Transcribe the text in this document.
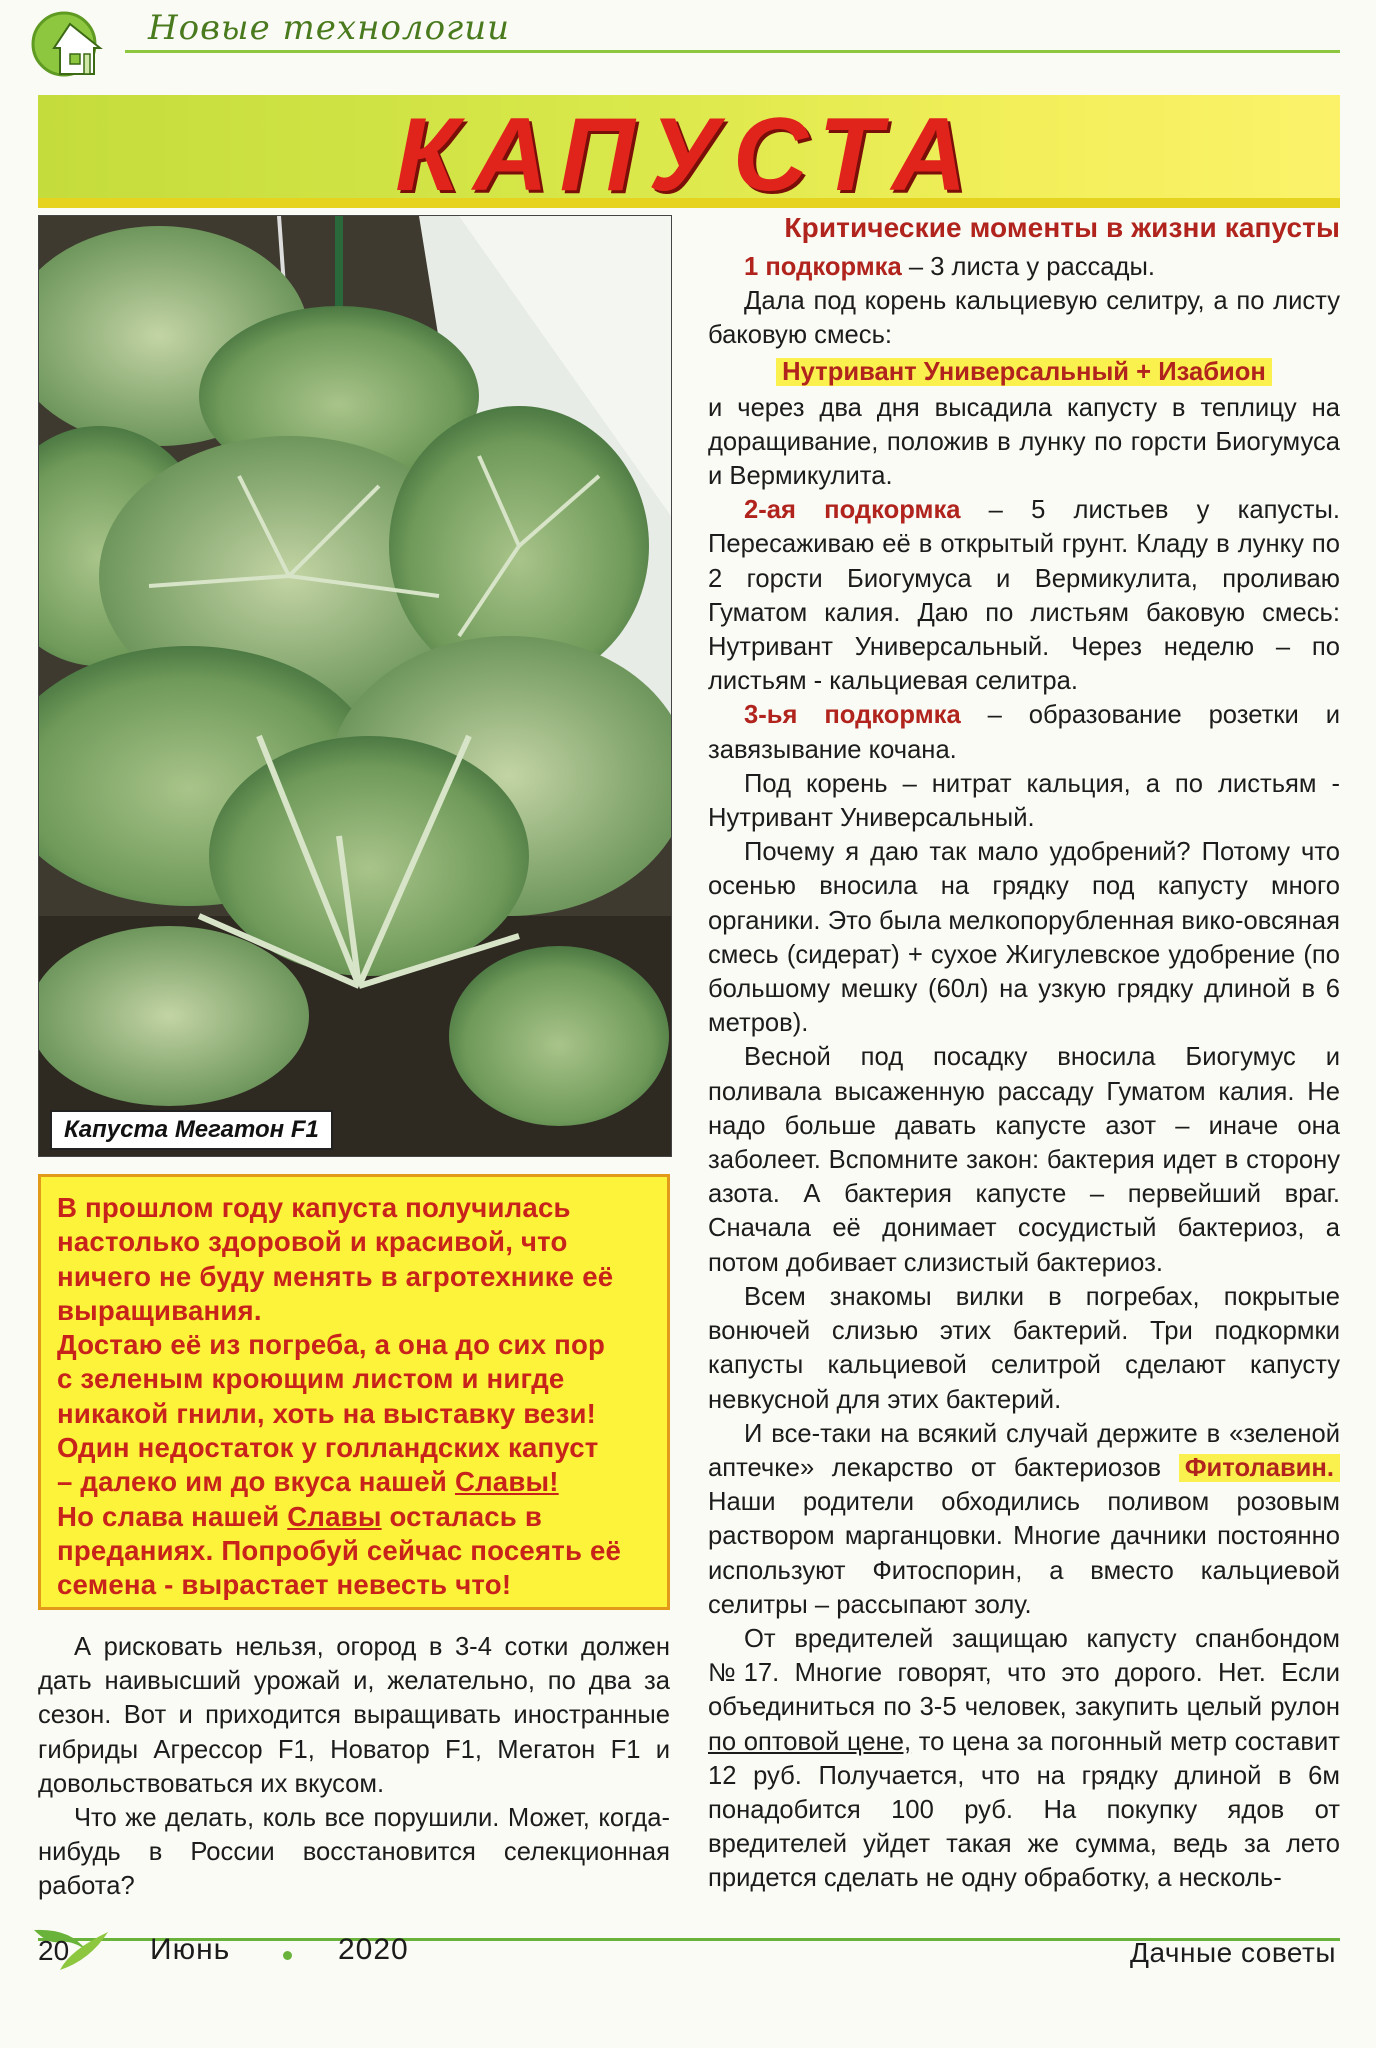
Новые технологии
КАПУСТА
Капуста Мегатон F1

В прошлом году капуста получилась

настолько здоровой и красивой, что

ничего не буду менять в агротехнике её

выращивания.

Достаю её из погреба, а она до сих пор

с зеленым кроющим листом и нигде

никакой гнили, хоть на выставку вези!

Один недостаток у голландских капуст

– далеко им до вкуса нашей Славы!

Но слава нашей Славы осталась в

преданиях. Попробуй сейчас посеять её

семена - вырастает невесть что!

А рисковать нельзя, огород в 3-4 сотки должен дать наивысший урожай и, желательно, по два за сезон. Вот и приходится выращивать иностранные гибриды Агрессор F1, Новатор F1, Мегатон F1 и довольствоваться их вкусом.

Что же делать, коль все порушили. Может, когда-нибудь в России восстановится селекционная работа?

Критические моменты в жизни капусты

1 подкормка – 3 листа у рассады.

Дала под корень кальциевую селитру, а по листу баковую смесь:

Нутривант Универсальный + Изабион

и через два дня высадила капусту в теплицу на доращивание, положив в лунку по горсти Биогумуса и Вермикулита.

2-ая подкормка – 5 листьев у капусты. Пересаживаю её в открытый грунт. Кладу в лунку по 2 горсти Биогумуса и Вермикулита, проливаю Гуматом калия. Даю по листьям баковую смесь: Нутривант Универсальный. Через неделю – по листьям - кальциевая селитра.

3-ья подкормка – образование розетки и завязывание кочана.

Под корень – нитрат кальция, а по листьям - Нутривант Универсальный.

Почему я даю так мало удобрений? Потому что осенью вносила на грядку под капусту много органики. Это была мелкопорубленная вико-овсяная смесь (сидерат) + сухое Жигулевское удобрение (по большому мешку (60л) на узкую грядку длиной в 6 метров).

Весной под посадку вносила Биогумус и поливала высаженную рассаду Гуматом калия. Не надо больше давать капусте азот – иначе она заболеет. Вспомните закон: бактерия идет в сторону азота. А бактерия капусте – первейший враг. Сначала её донимает сосудистый бактериоз, а потом добивает слизистый бактериоз.

Всем знакомы вилки в погребах, покрытые вонючей слизью этих бактерий. Три подкормки капусты кальциевой селитрой сделают капусту невкусной для этих бактерий.

И все-таки на всякий случай держите в «зеленой аптечке» лекарство от бактериозов Фитолавин. Наши родители обходились поливом розовым раствором марганцовки. Многие дачники постоянно используют Фитоспорин, а вместо кальциевой селитры – рассыпают золу.

От вредителей защищаю капусту спанбондом №17. Многие говорят, что это дорого. Нет. Если объединиться по 3-5 человек, закупить целый рулон по оптовой цене, то цена за погонный метр составит 12 руб. Получается, что на грядку длиной в 6м понадобится 100 руб. На покупку ядов от вредителей уйдет такая же сумма, ведь за лето придется сделать не одну обработку, а несколь-

20	Июнь	2020	Дачные советы
